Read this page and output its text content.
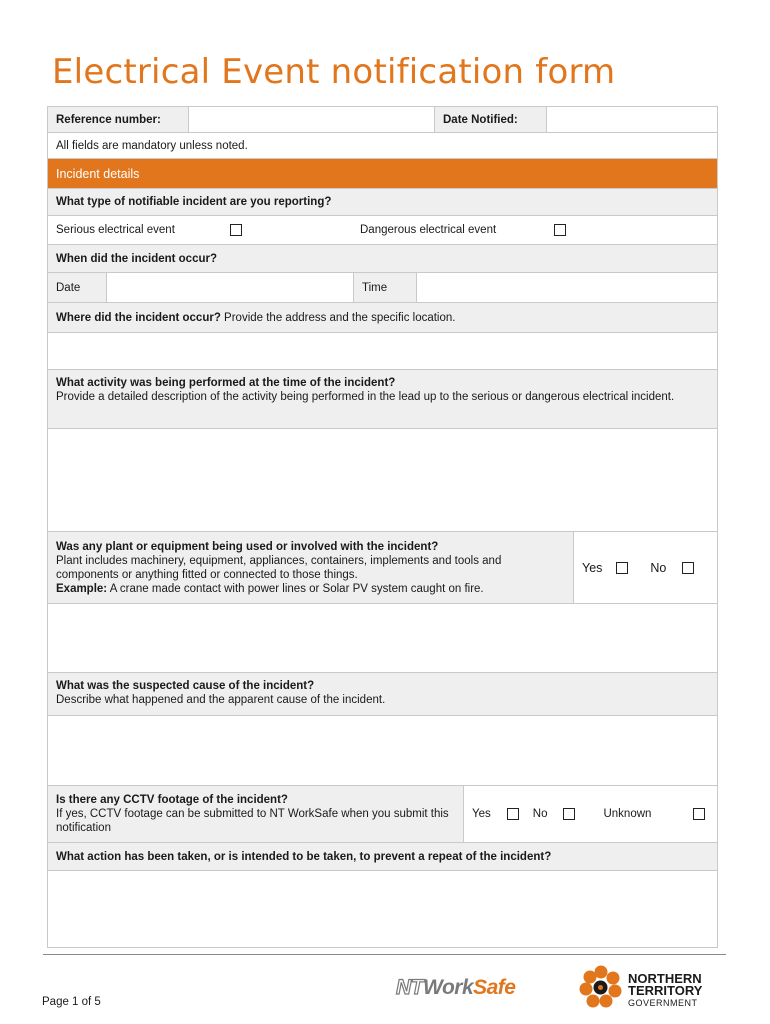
Electrical Event notification form
Reference number:	Date Notified:
All fields are mandatory unless noted.
Incident details
What type of notifiable incident are you reporting?
Serious electrical event	Dangerous electrical event
When did the incident occur?
Date	Time
Where did the incident occur? Provide the address and the specific location.
What activity was being performed at the time of the incident?
Provide a detailed description of the activity being performed in the lead up to the serious or dangerous electrical incident.
Was any plant or equipment being used or involved with the incident?
Plant includes machinery, equipment, appliances, containers, implements and tools and components or anything fitted or connected to those things.
Example: A crane made contact with power lines or Solar PV system caught on fire.
Yes	No
What was the suspected cause of the incident?
Describe what happened and the apparent cause of the incident.
Is there any CCTV footage of the incident?
If yes, CCTV footage can be submitted to NT WorkSafe when you submit this notification
Yes	No	Unknown
What action has been taken, or is intended to be taken, to prevent a repeat of the incident?
Page 1 of 5
NTWorkSafe	NORTHERN
TERRITORY
GOVERNMENT
